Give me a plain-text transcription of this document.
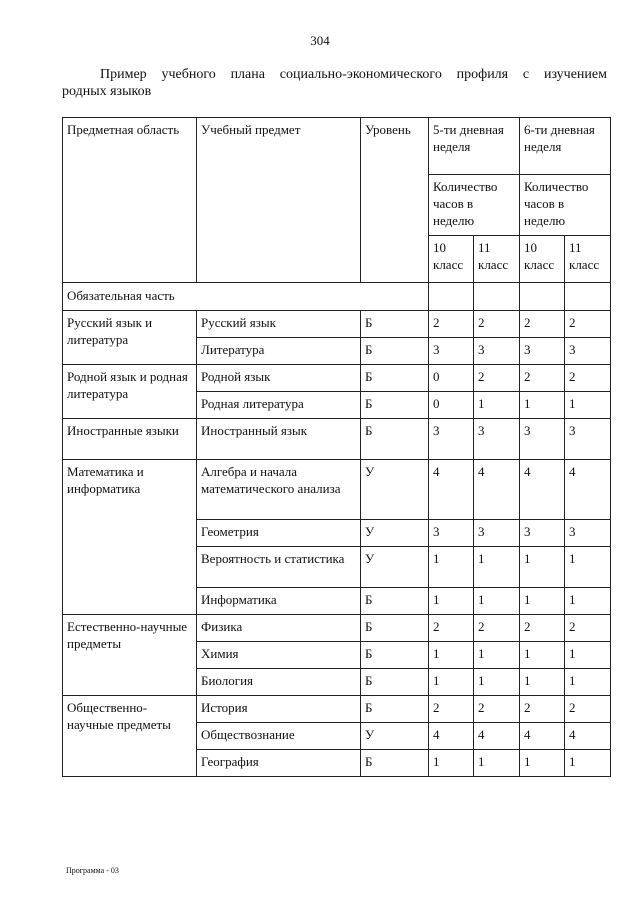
304
Пример учебного плана социально-экономического профиля с изучением
родных языков
Предметная область	Учебный предмет	Уровень	5-ти дневная неделя		6-ти дневная неделя	
			Количество часов в неделю		Количество часов в неделю	
			10 класс	11 класс	10 класс	11 класс
Обязательная часть						
Русский язык и литература	Русский язык	Б	2	2	2	2
	Литература	Б	3	3	3	3
Родной язык и родная литература	Родной язык	Б	0	2	2	2
	Родная литература	Б	0	1	1	1
Иностранные языки	Иностранный язык	Б	3	3	3	3
Математика и информатика	Алгебра и начала математического анализа	У	4	4	4	4
	Геометрия	У	3	3	3	3
	Вероятность и статистика	У	1	1	1	1
	Информатика	Б	1	1	1	1
Естественно-научные предметы	Физика	Б	2	2	2	2
	Химия	Б	1	1	1	1
	Биология	Б	1	1	1	1
Общественно-научные предметы	История	Б	2	2	2	2
	Обществознание	У	4	4	4	4
	География	Б	1	1	1	1
Программа - 03
